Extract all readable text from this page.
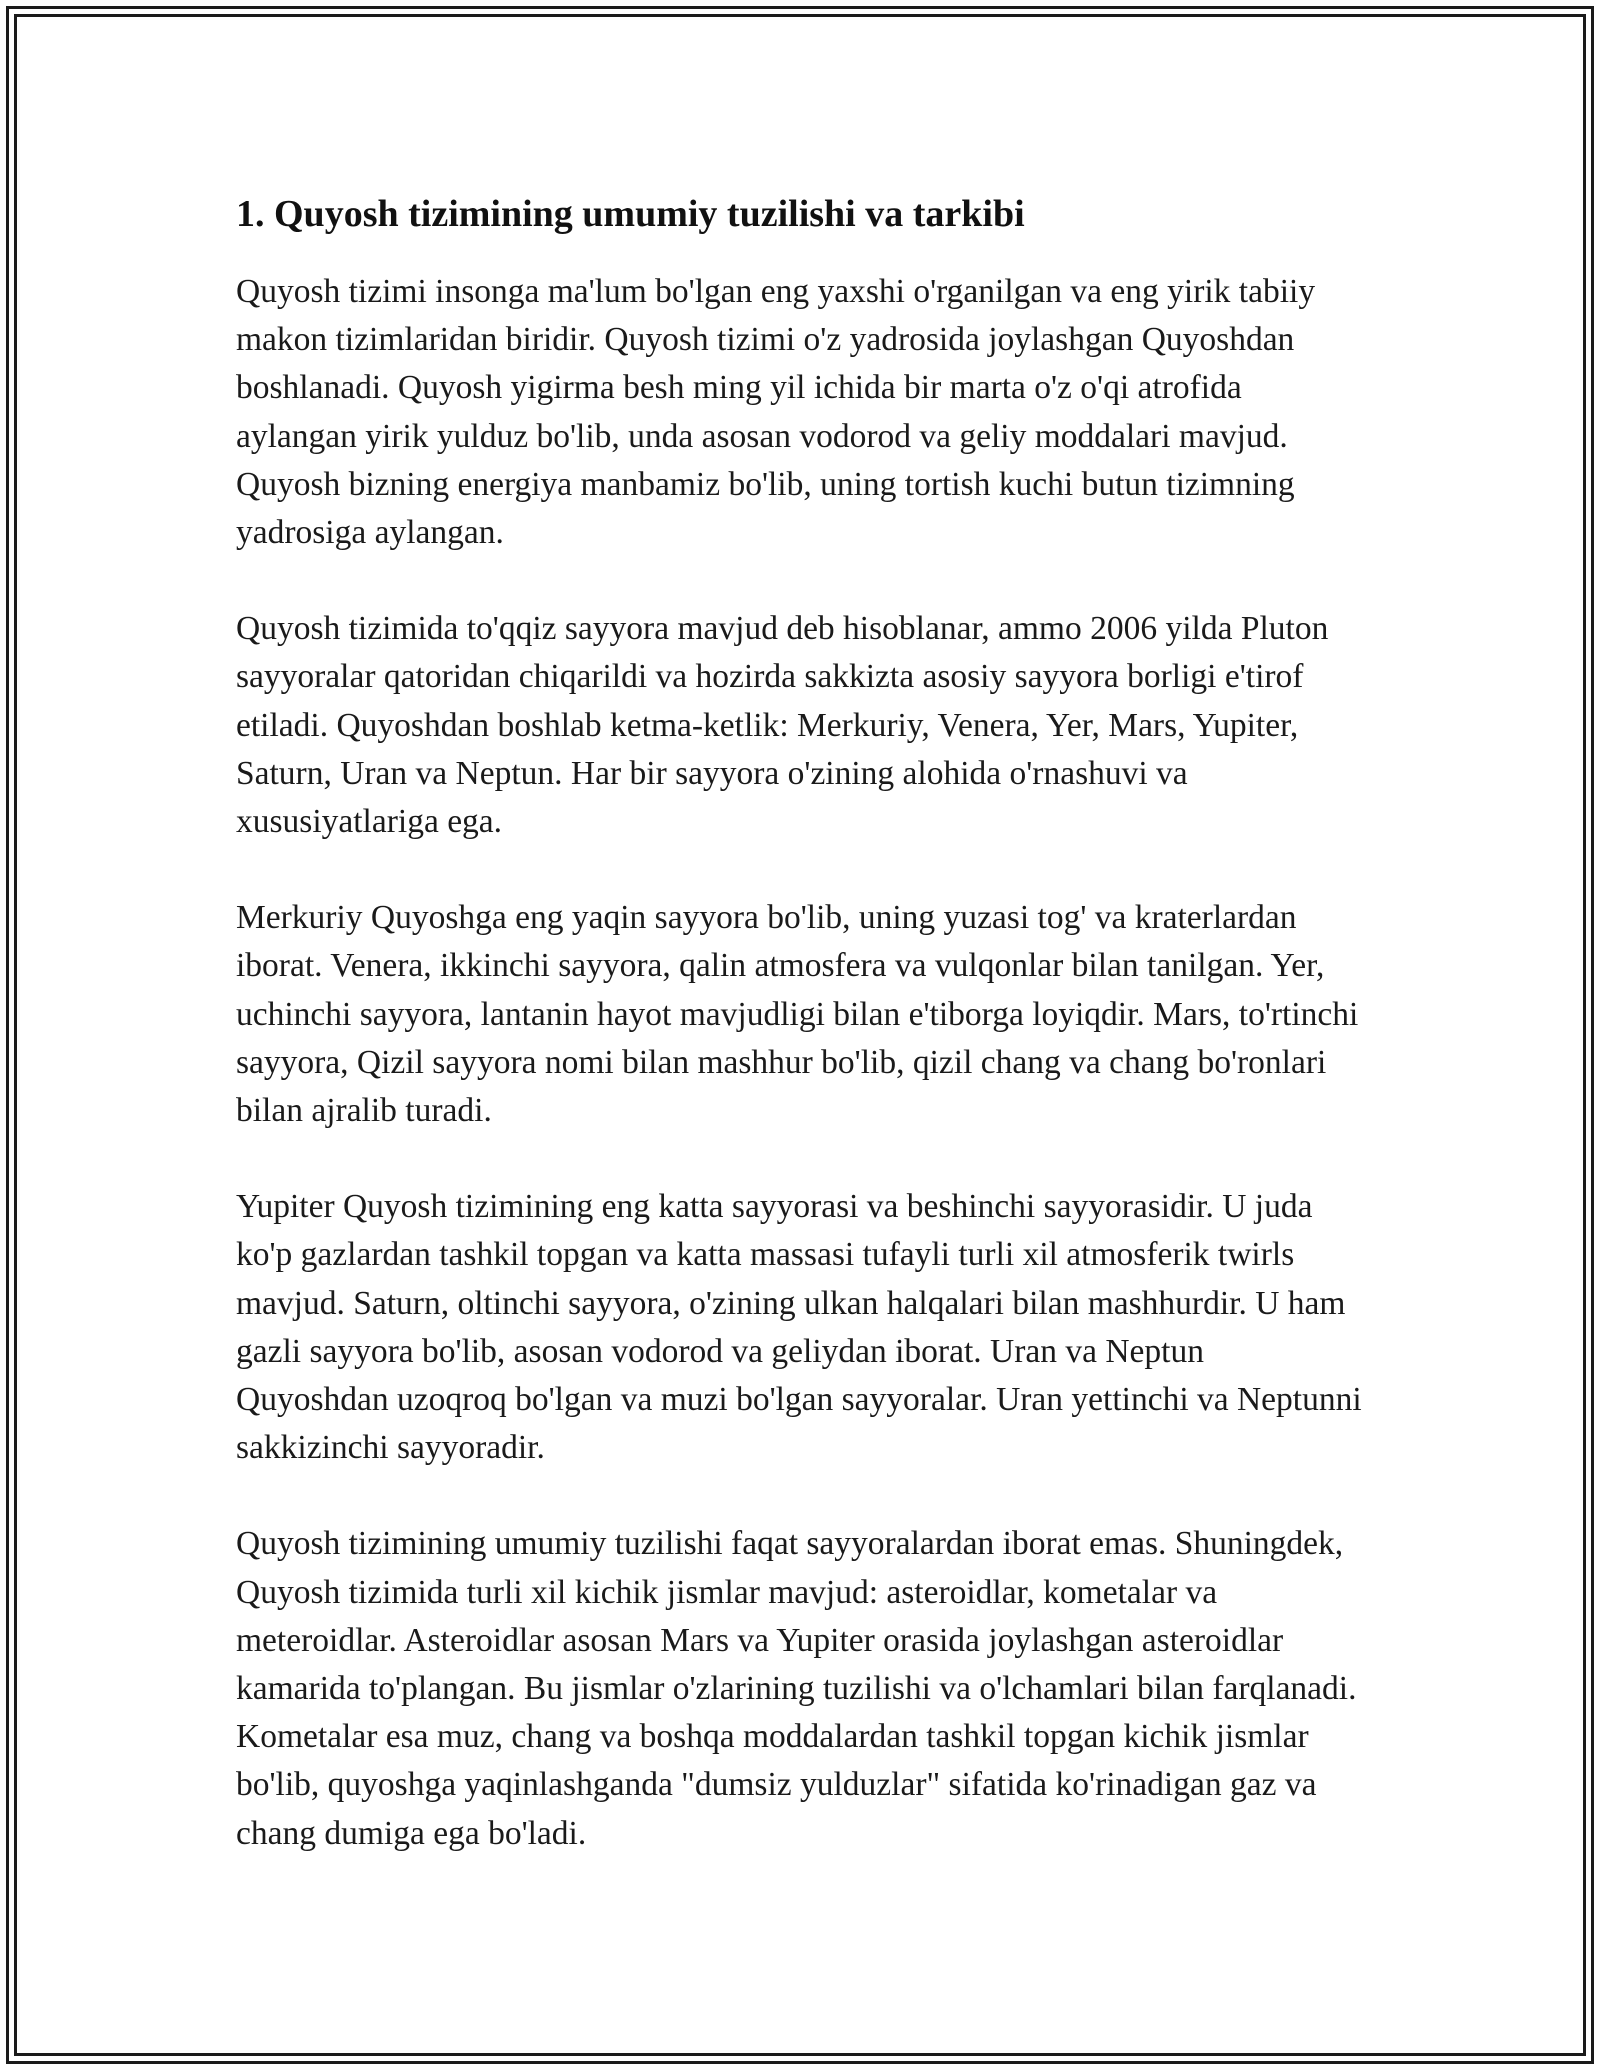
1. Quyosh tizimining umumiy tuzilishi va tarkibi

Quyosh tizimi insonga ma'lum bo'lgan eng yaxshi o'rganilgan va eng yirik tabiiy makon tizimlaridan biridir. Quyosh tizimi o'z yadrosida joylashgan Quyoshdan boshlanadi. Quyosh yigirma besh ming yil ichida bir marta o'z o'qi atrofida aylangan yirik yulduz bo'lib, unda asosan vodorod va geliy moddalari mavjud. Quyosh bizning energiya manbamiz bo'lib, uning tortish kuchi butun tizimning yadrosiga aylangan.

Quyosh tizimida to'qqiz sayyora mavjud deb hisoblanar, ammo 2006 yilda Pluton sayyoralar qatoridan chiqarildi va hozirda sakkizta asosiy sayyora borligi e'tirof etiladi. Quyoshdan boshlab ketma-ketlik: Merkuriy, Venera, Yer, Mars, Yupiter, Saturn, Uran va Neptun. Har bir sayyora o'zining alohida o'rnashuvi va xususiyatlariga ega.

Merkuriy Quyoshga eng yaqin sayyora bo'lib, uning yuzasi tog' va kraterlardan iborat. Venera, ikkinchi sayyora, qalin atmosfera va vulqonlar bilan tanilgan. Yer, uchinchi sayyora, lantanin hayot mavjudligi bilan e'tiborga loyiqdir. Mars, to'rtinchi sayyora, Qizil sayyora nomi bilan mashhur bo'lib, qizil chang va chang bo'ronlari bilan ajralib turadi.

Yupiter Quyosh tizimining eng katta sayyorasi va beshinchi sayyorasidir. U juda ko'p gazlardan tashkil topgan va katta massasi tufayli turli xil atmosferik twirls mavjud. Saturn, oltinchi sayyora, o'zining ulkan halqalari bilan mashhurdir. U ham gazli sayyora bo'lib, asosan vodorod va geliydan iborat. Uran va Neptun Quyoshdan uzoqroq bo'lgan va muzi bo'lgan sayyoralar. Uran yettinchi va Neptunni sakkizinchi sayyoradir.

Quyosh tizimining umumiy tuzilishi faqat sayyoralardan iborat emas. Shuningdek, Quyosh tizimida turli xil kichik jismlar mavjud: asteroidlar, kometalar va meteroidlar. Asteroidlar asosan Mars va Yupiter orasida joylashgan asteroidlar kamarida to'plangan. Bu jismlar o'zlarining tuzilishi va o'lchamlari bilan farqlanadi. Kometalar esa muz, chang va boshqa moddalardan tashkil topgan kichik jismlar bo'lib, quyoshga yaqinlashganda "dumsiz yulduzlar" sifatida ko'rinadigan gaz va chang dumiga ega bo'ladi.
